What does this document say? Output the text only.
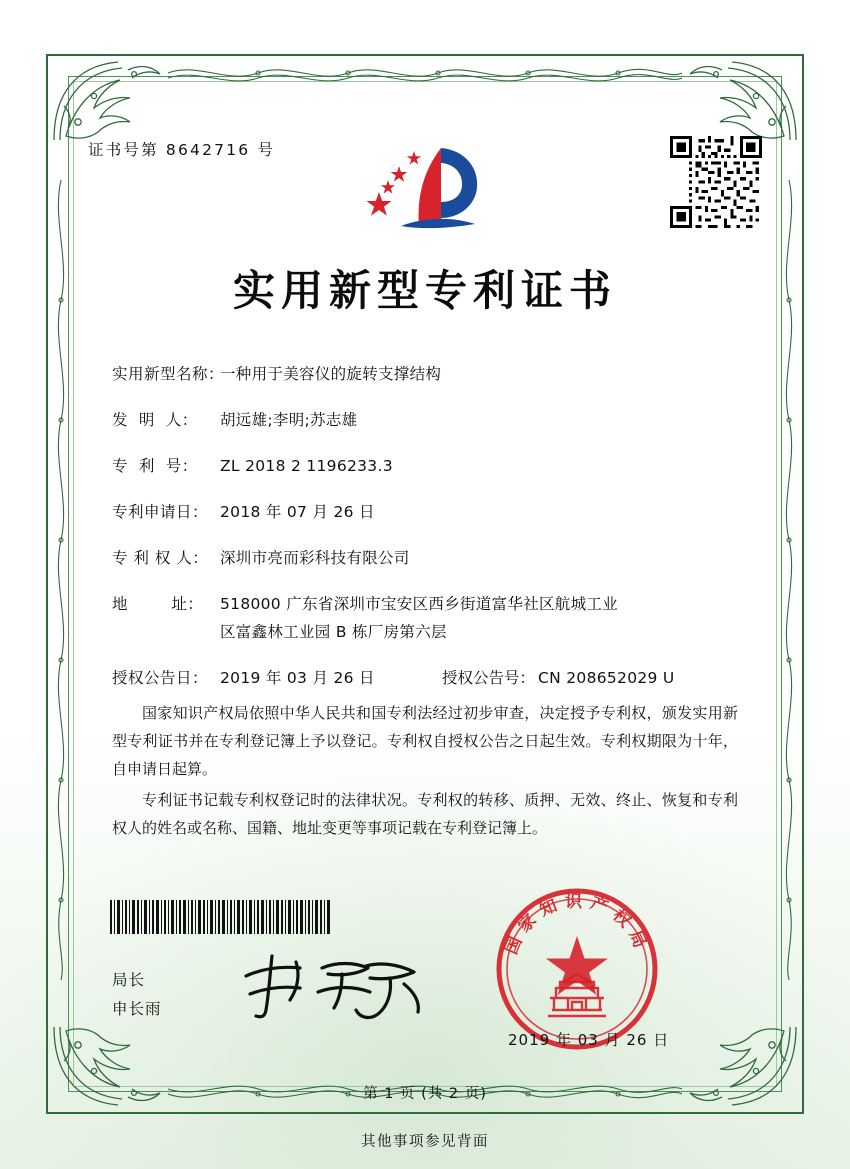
证书号第 8642716 号
实用新型专利证书
实用新型名称：
一种用于美容仪的旋转支撑结构
发  明  人：	胡远雄;李明;苏志雄
专  利  号：	ZL 2018 2 1196233.3
专利申请日： 2018 年 07 月 26 日
专 利 权 人： 深圳市亮而彩科技有限公司
地        址：	518000 广东省深圳市宝安区西乡街道富华社区航城工业
区富鑫林工业园 B 栋厂房第六层
授权公告日： 2019 年 03 月 26 日	授权公告号： CN 208652029 U

国家知识产权局依照中华人民共和国专利法经过初步审查，决定授予专利权，颁发实用新型专利证书并在专利登记簿上予以登记。专利权自授权公告之日起生效。专利权期限为十年，自申请日起算。

专利证书记载专利权登记时的法律状况。专利权的转移、质押、无效、终止、恢复和专利权人的姓名或名称、国籍、地址变更等事项记载在专利登记簿上。

局长
申长雨
国家知识产权局
2019 年 03 月 26 日
第 1 页 (共 2 页)
其他事项参见背面
